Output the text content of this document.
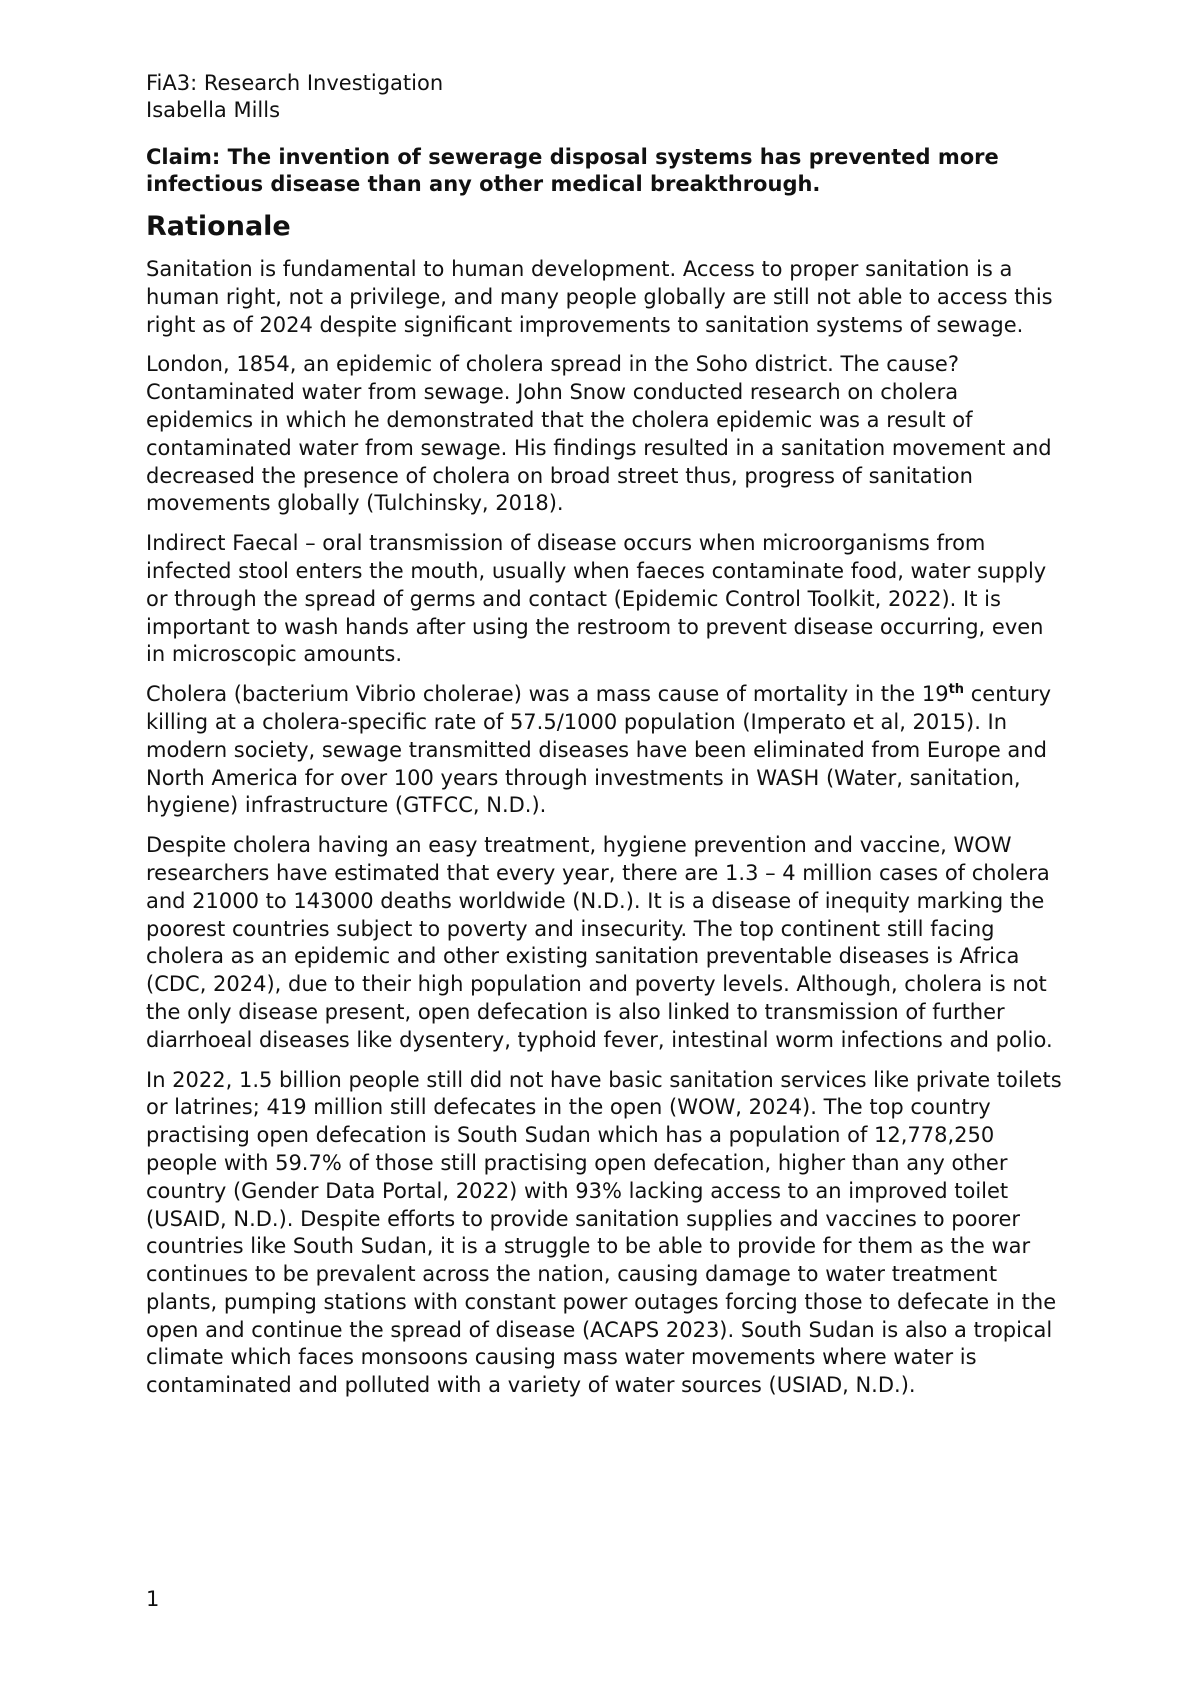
FiA3: Research Investigation

Isabella Mills

Claim: The invention of sewerage disposal systems has prevented more infectious disease than any other medical breakthrough.

Rationale

Sanitation is fundamental to human development. Access to proper sanitation is a human right, not a privilege, and many people globally are still not able to access this right as of 2024 despite significant improvements to sanitation systems of sewage.

London, 1854, an epidemic of cholera spread in the Soho district. The cause? Contaminated water from sewage. John Snow conducted research on cholera epidemics in which he demonstrated that the cholera epidemic was a result of contaminated water from sewage. His findings resulted in a sanitation movement and decreased the presence of cholera on broad street thus, progress of sanitation movements globally (Tulchinsky, 2018).

Indirect Faecal – oral transmission of disease occurs when microorganisms from infected stool enters the mouth, usually when faeces contaminate food, water supply or through the spread of germs and contact (Epidemic Control Toolkit, 2022). It is important to wash hands after using the restroom to prevent disease occurring, even in microscopic amounts.

Cholera (bacterium Vibrio cholerae) was a mass cause of mortality in the 19th century killing at a cholera-specific rate of 57.5/1000 population (Imperato et al, 2015). In modern society, sewage transmitted diseases have been eliminated from Europe and North America for over 100 years through investments in WASH (Water, sanitation, hygiene) infrastructure (GTFCC, N.D.).

Despite cholera having an easy treatment, hygiene prevention and vaccine, WOW researchers have estimated that every year, there are 1.3 – 4 million cases of cholera and 21000 to 143000 deaths worldwide (N.D.). It is a disease of inequity marking the poorest countries subject to poverty and insecurity. The top continent still facing cholera as an epidemic and other existing sanitation preventable diseases is Africa (CDC, 2024), due to their high population and poverty levels. Although, cholera is not the only disease present, open defecation is also linked to transmission of further diarrhoeal diseases like dysentery, typhoid fever, intestinal worm infections and polio.

In 2022, 1.5 billion people still did not have basic sanitation services like private toilets or latrines; 419 million still defecates in the open (WOW, 2024). The top country practising open defecation is South Sudan which has a population of 12,778,250 people with 59.7% of those still practising open defecation, higher than any other country (Gender Data Portal, 2022) with 93% lacking access to an improved toilet (USAID, N.D.). Despite efforts to provide sanitation supplies and vaccines to poorer countries like South Sudan, it is a struggle to be able to provide for them as the war continues to be prevalent across the nation, causing damage to water treatment plants, pumping stations with constant power outages forcing those to defecate in the open and continue the spread of disease (ACAPS 2023). South Sudan is also a tropical climate which faces monsoons causing mass water movements where water is contaminated and polluted with a variety of water sources (USIAD, N.D.).

1
